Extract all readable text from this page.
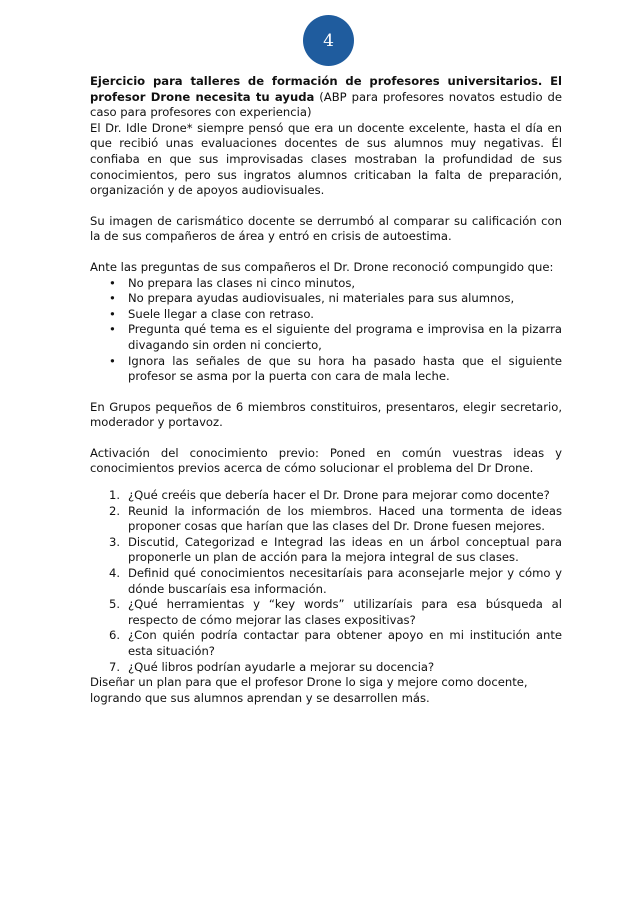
4

Ejercicio para talleres de formación de profesores universitarios. El profesor Drone necesita tu ayuda (ABP para profesores novatos estudio de caso para profesores con experiencia)

El Dr. Idle Drone* siempre pensó que era un docente excelente, hasta el día en que recibió unas evaluaciones docentes de sus alumnos muy negativas. Él confiaba en que sus improvisadas clases mostraban la profundidad de sus conocimientos, pero sus ingratos alumnos criticaban la falta de preparación, organización y de apoyos audiovisuales.

Su imagen de carismático docente se derrumbó al comparar su calificación con la de sus compañeros de área y entró en crisis de autoestima.

Ante las preguntas de sus compañeros el Dr. Drone reconoció compungido que:

• No prepara las clases ni cinco minutos,
• No prepara ayudas audiovisuales, ni materiales para sus alumnos,
• Suele llegar a clase con retraso.
• Pregunta qué tema es el siguiente del programa e improvisa en la pizarra divagando sin orden ni concierto,
• Ignora las señales de que su hora ha pasado hasta que el siguiente profesor se asma por la puerta con cara de mala leche.

En Grupos pequeños de 6 miembros constituiros, presentaros, elegir secretario, moderador y portavoz.

Activación del conocimiento previo: Poned en común vuestras ideas y conocimientos previos acerca de cómo solucionar el problema del Dr Drone.

1. ¿Qué creéis que debería hacer el Dr. Drone para mejorar como docente?
2. Reunid la información de los miembros. Haced una tormenta de ideas proponer cosas que harían que las clases del Dr. Drone fuesen mejores.
3. Discutid, Categorizad e Integrad las ideas en un árbol conceptual para proponerle un plan de acción para la mejora integral de sus clases.
4. Definid qué conocimientos necesitaríais para aconsejarle mejor y cómo y dónde buscaríais esa información.
5. ¿Qué herramientas y “key words” utilizaríais para esa búsqueda al respecto de cómo mejorar las clases expositivas?
6. ¿Con quién podría contactar para obtener apoyo en mi institución ante esta situación?
7. ¿Qué libros podrían ayudarle a mejorar su docencia?

Diseñar un plan para que el profesor Drone lo siga y mejore como docente, logrando que sus alumnos aprendan y se desarrollen más.
